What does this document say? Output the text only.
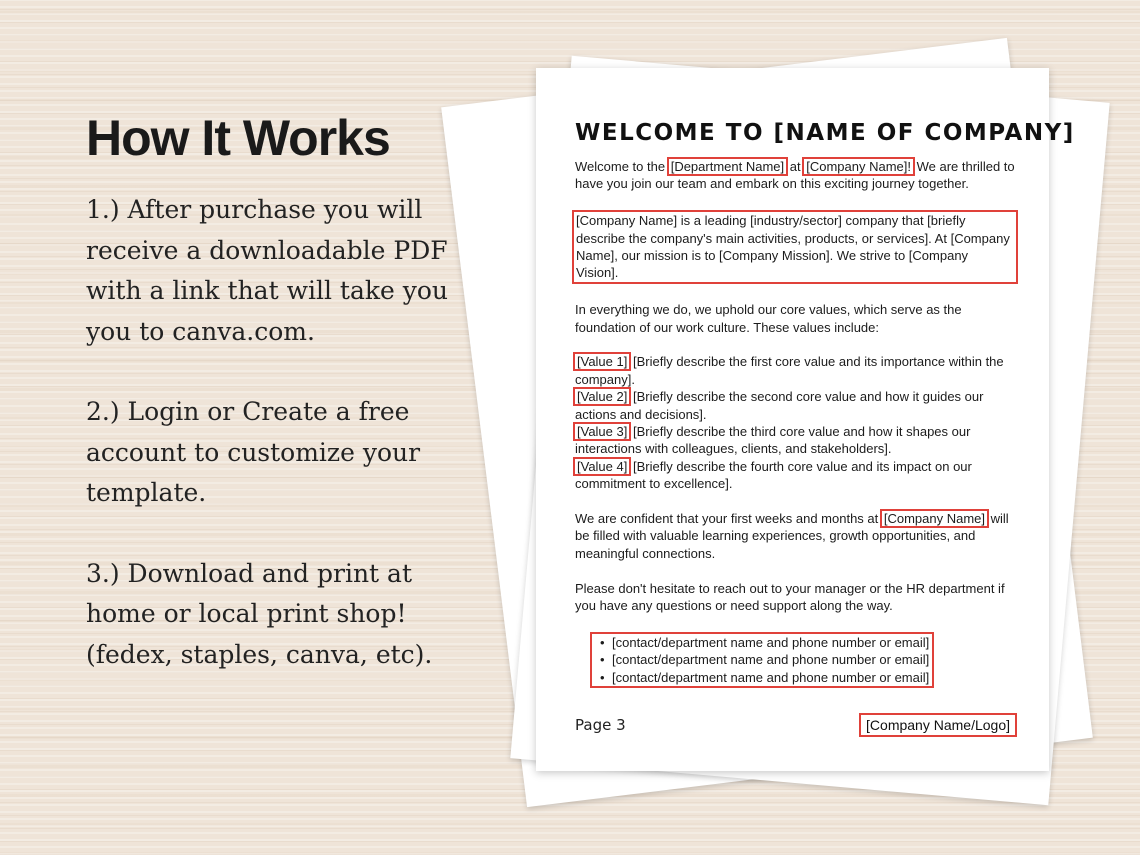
How It Works
1.) After purchase you will
receive a downloadable PDF
with a link that will take you
you to canva.com.
2.) Login or Create a free
account to customize your
template.
3.) Download and print at
home or local print shop!
(fedex, staples, canva, etc).
WELCOME TO [NAME OF COMPANY]

Welcome to the [Department Name] at [Company Name]! We are thrilled to have you join our team and embark on this exciting journey together.

[Company Name] is a leading [industry/sector] company that [briefly describe the company's main activities, products, or services]. At [Company Name], our mission is to [Company Mission]. We strive to [Company Vision].

In everything we do, we uphold our core values, which serve as the foundation of our work culture. These values include:

[Value 1] [Briefly describe the first core value and its importance within the company].
[Value 2] [Briefly describe the second core value and how it guides our actions and decisions].
[Value 3] [Briefly describe the third core value and how it shapes our interactions with colleagues, clients, and stakeholders].
[Value 4] [Briefly describe the fourth core value and its impact on our commitment to excellence].

We are confident that your first weeks and months at [Company Name] will be filled with valuable learning experiences, growth opportunities, and meaningful connections.

Please don't hesitate to reach out to your manager or the HR department if you have any questions or need support along the way.

• [contact/department name and phone number or email]
• [contact/department name and phone number or email]
• [contact/department name and phone number or email]
Page 3	[Company Name/Logo]
